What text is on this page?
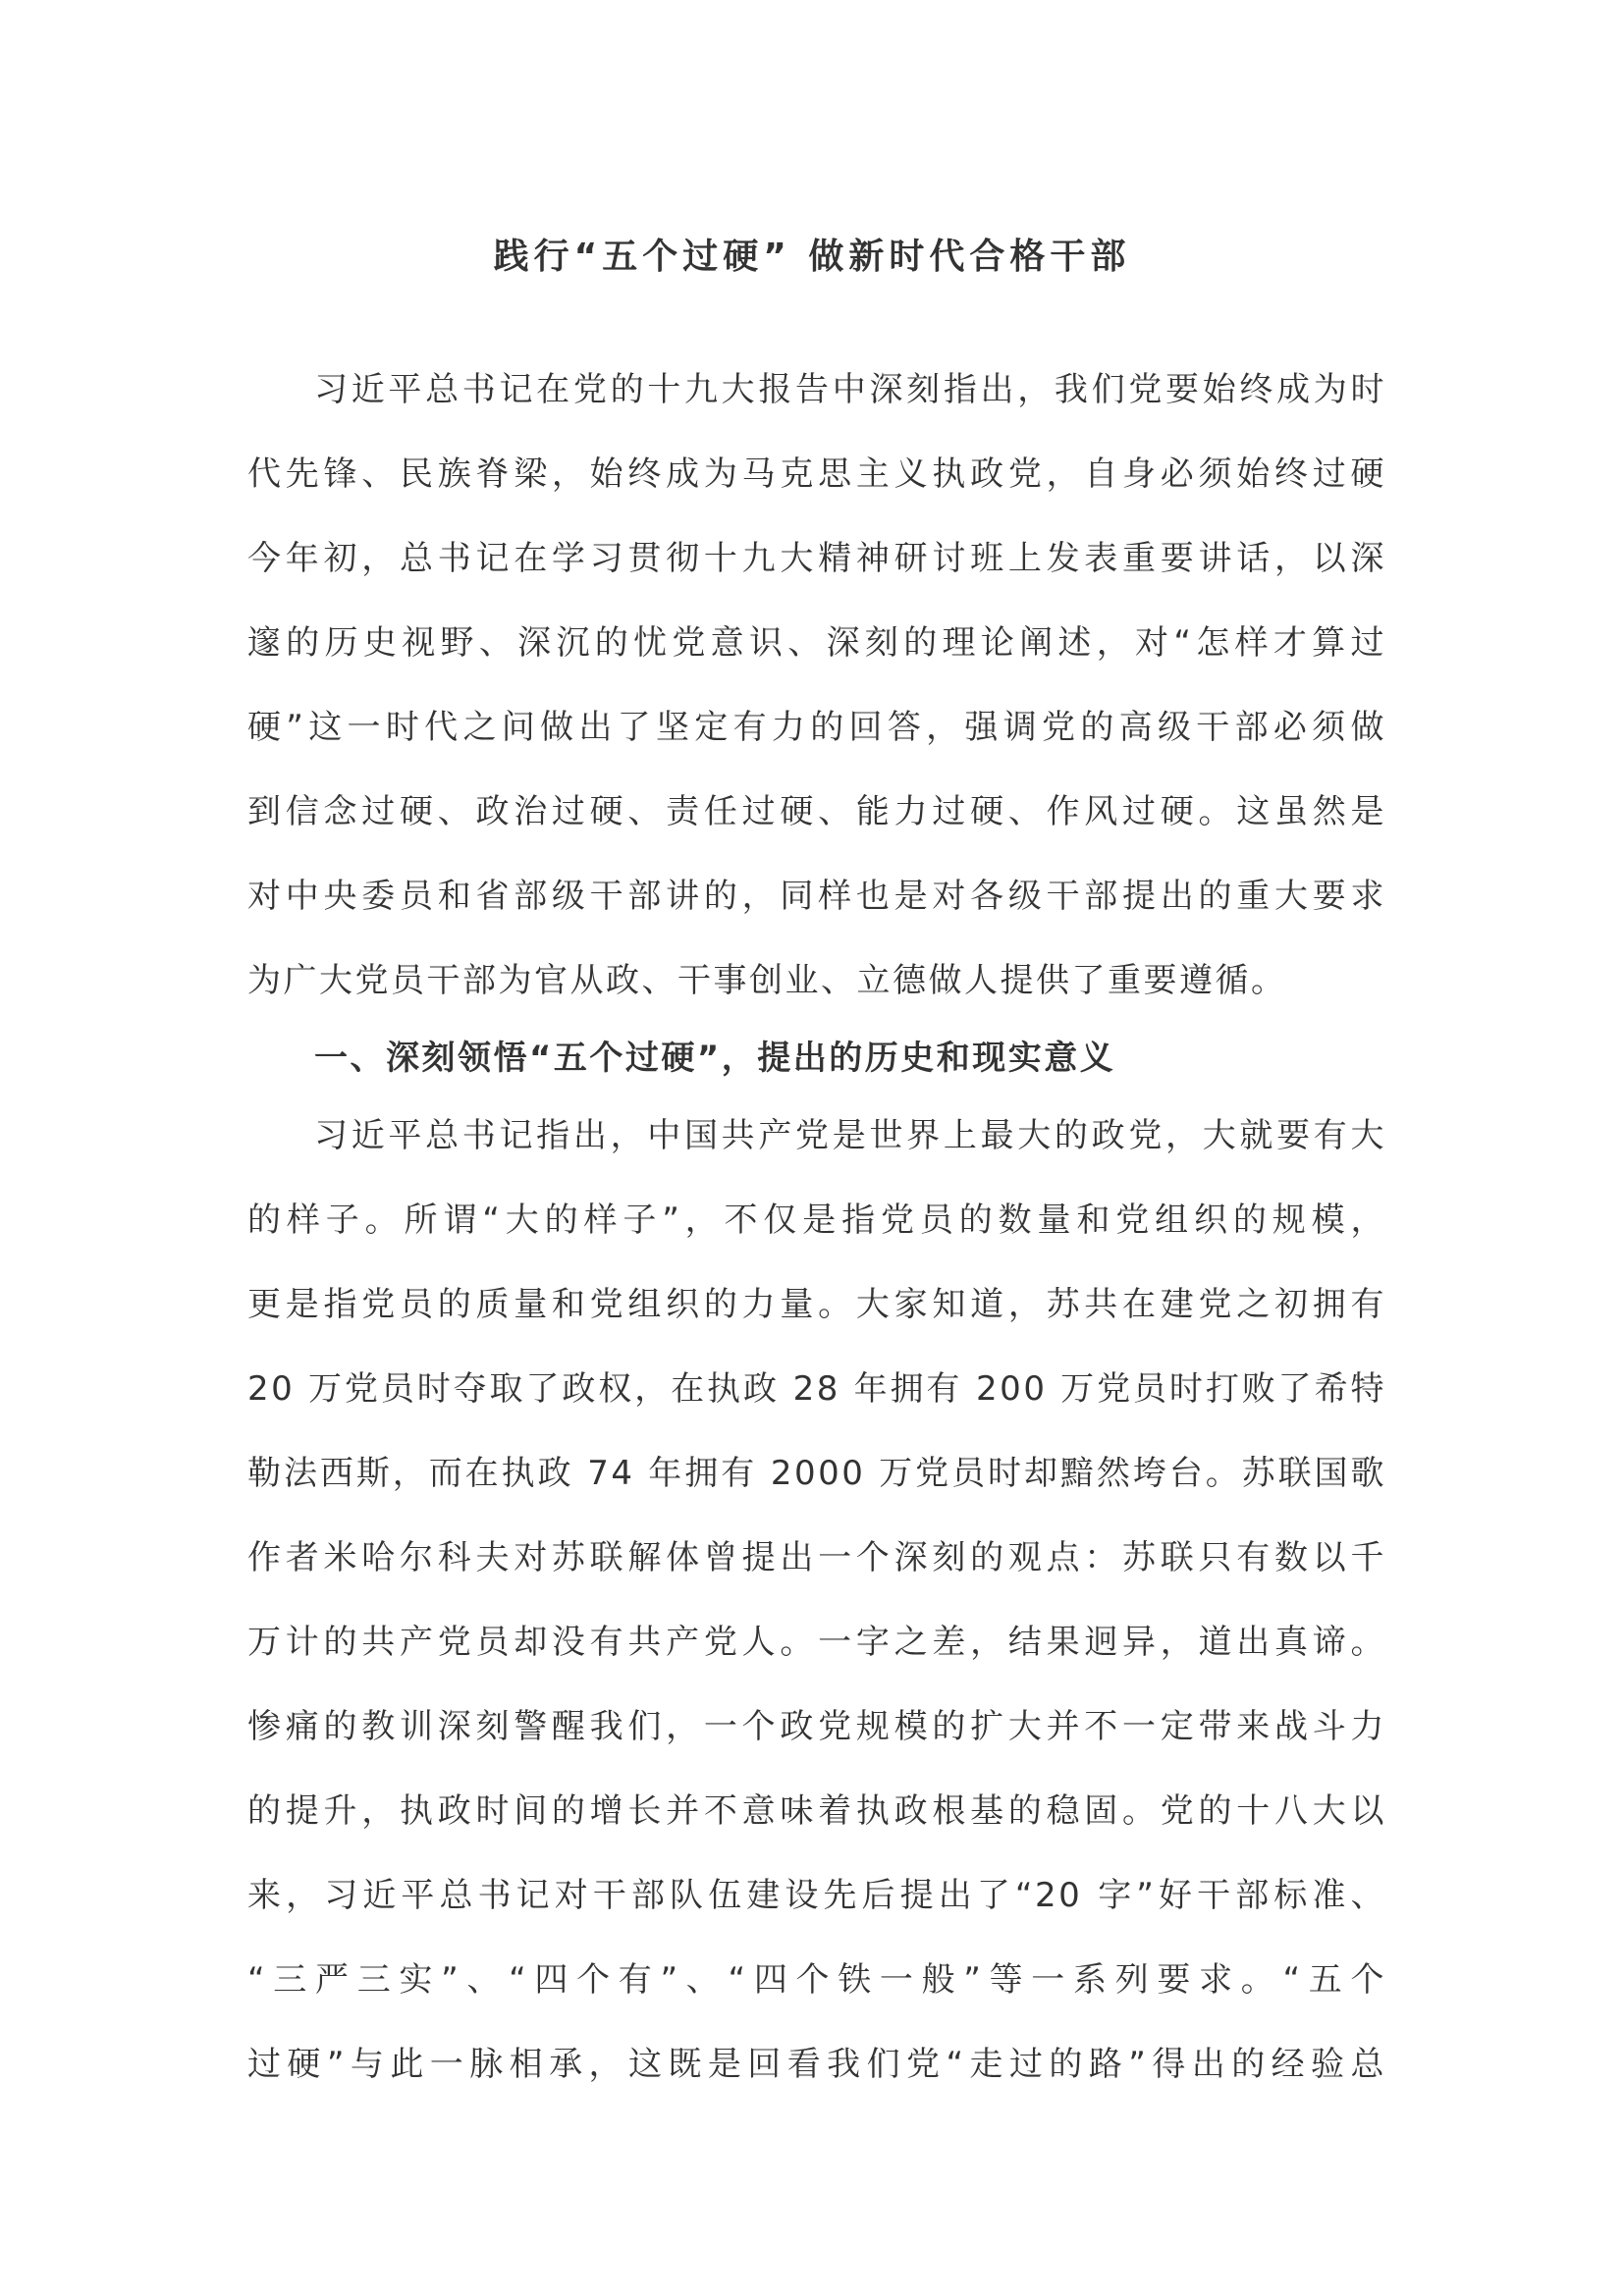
践行“五个过硬” 做新时代合格干部
习近平总书记在党的十九大报告中深刻指出，我们党要始终成为时
代先锋、民族脊梁，始终成为马克思主义执政党，自身必须始终过硬
今年初，总书记在学习贯彻十九大精神研讨班上发表重要讲话，以深
邃的历史视野、深沉的忧党意识、深刻的理论阐述，对“怎样才算过
硬”这一时代之问做出了坚定有力的回答，强调党的高级干部必须做
到信念过硬、政治过硬、责任过硬、能力过硬、作风过硬。这虽然是
对中央委员和省部级干部讲的，同样也是对各级干部提出的重大要求
为广大党员干部为官从政、干事创业、立德做人提供了重要遵循。
一、深刻领悟“五个过硬”，提出的历史和现实意义
习近平总书记指出，中国共产党是世界上最大的政党，大就要有大
的样子。所谓“大的样子”，不仅是指党员的数量和党组织的规模，
更是指党员的质量和党组织的力量。大家知道，苏共在建党之初拥有
20 万党员时夺取了政权，在执政 28 年拥有 200 万党员时打败了希特
勒法西斯，而在执政 74 年拥有 2000 万党员时却黯然垮台。苏联国歌
作者米哈尔科夫对苏联解体曾提出一个深刻的观点：苏联只有数以千
万计的共产党员却没有共产党人。一字之差，结果迥异，道出真谛。
惨痛的教训深刻警醒我们，一个政党规模的扩大并不一定带来战斗力
的提升，执政时间的增长并不意味着执政根基的稳固。党的十八大以
来，习近平总书记对干部队伍建设先后提出了“20 字”好干部标准、
“三严三实”、“四个有”、“四个铁一般”等一系列要求。“五个
过硬”与此一脉相承，这既是回看我们党“走过的路”得出的经验总
